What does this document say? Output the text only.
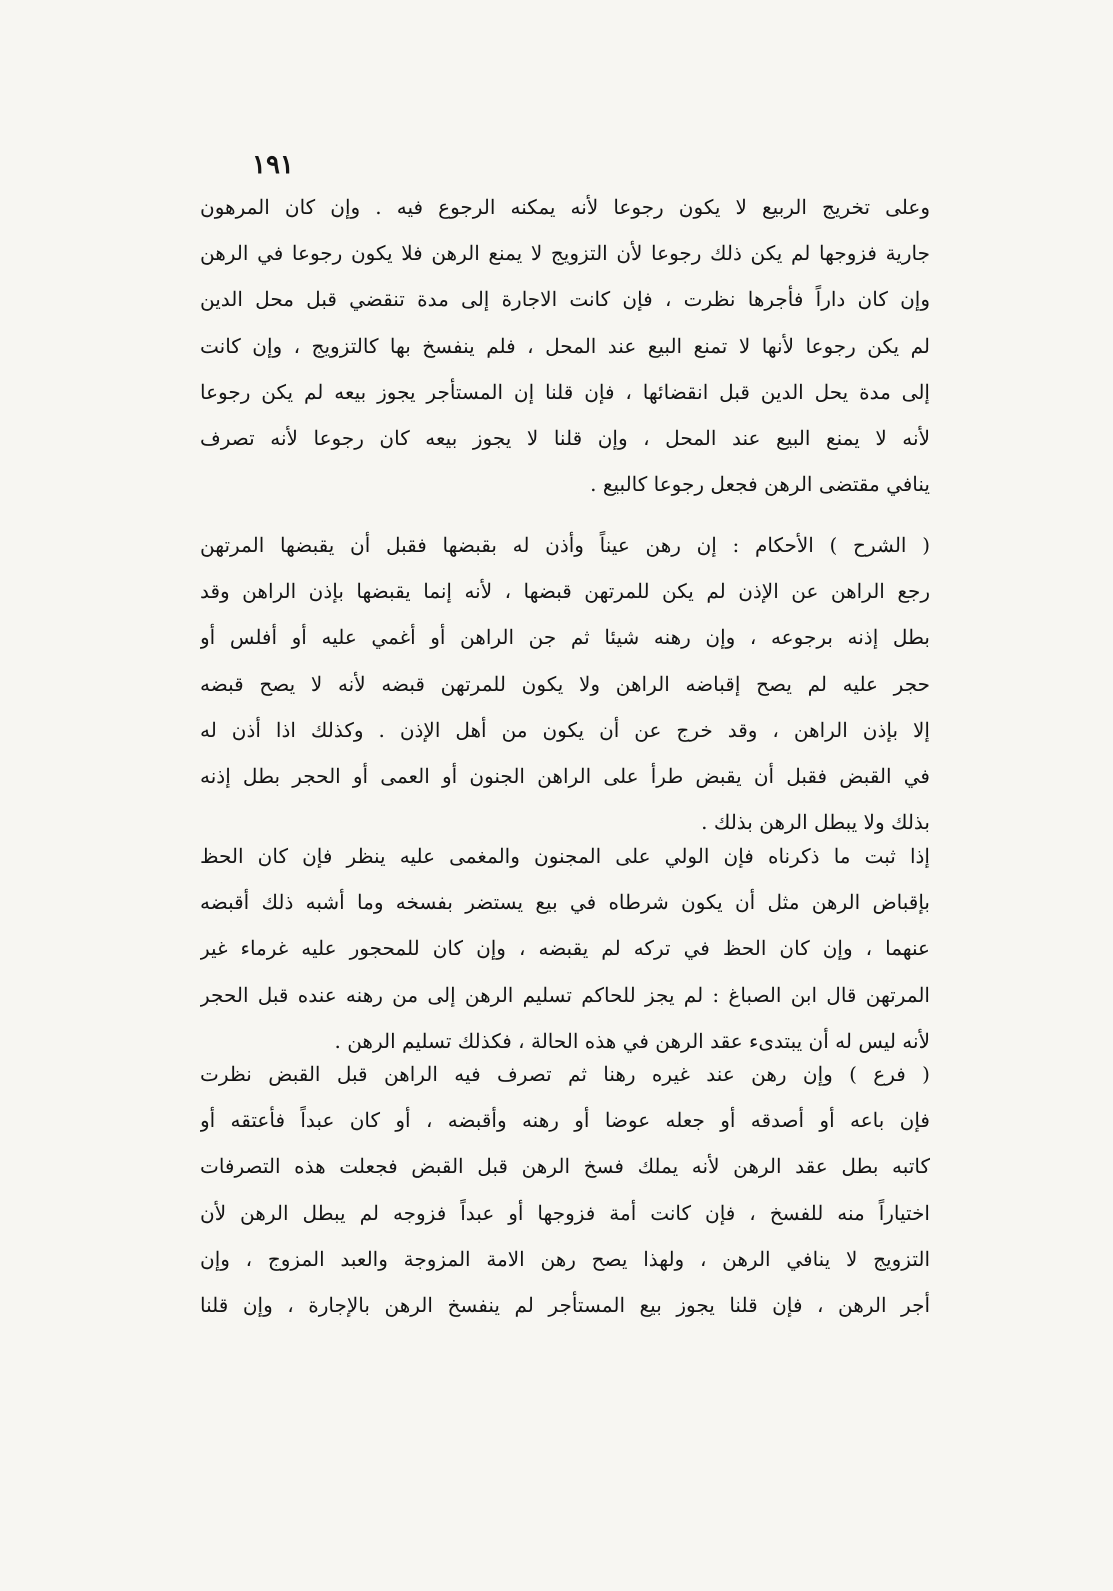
١٩١
وعلى تخريج الربيع لا يكون رجوعا لأنه يمكنه الرجوع فيه . وإن كان المرهون
جارية فزوجها لم يكن ذلك رجوعا لأن التزويج لا يمنع الرهن فلا يكون رجوعا في الرهن
وإن كان داراً فأجرها نظرت ، فإن كانت الاجارة إلى مدة تنقضي قبل محل الدين
لم يكن رجوعا لأنها لا تمنع البيع عند المحل ، فلم ينفسخ بها كالتزويج ، وإن كانت
إلى مدة يحل الدين قبل انقضائها ، فإن قلنا إن المستأجر يجوز بيعه لم يكن رجوعا
لأنه لا يمنع البيع عند المحل ، وإن قلنا لا يجوز بيعه كان رجوعا لأنه تصرف
ينافي مقتضى الرهن فجعل رجوعا كالبيع .
( الشرح ) الأحكام : إن رهن عيناً وأذن له بقبضها فقبل أن يقبضها المرتهن
رجع الراهن عن الإذن لم يكن للمرتهن قبضها ، لأنه إنما يقبضها بإذن الراهن وقد
بطل إذنه برجوعه ، وإن رهنه شيئا ثم جن الراهن أو أغمي عليه أو أفلس أو
حجر عليه لم يصح إقباضه الراهن ولا يكون للمرتهن قبضه لأنه لا يصح قبضه
إلا بإذن الراهن ، وقد خرج عن أن يكون من أهل الإذن . وكذلك اذا أذن له
في القبض فقبل أن يقبض طرأ على الراهن الجنون أو العمى أو الحجر بطل إذنه
بذلك ولا يبطل الرهن بذلك .
إذا ثبت ما ذكرناه فإن الولي على المجنون والمغمى عليه ينظر فإن كان الحظ
بإقباض الرهن مثل أن يكون شرطاه في بيع يستضر بفسخه وما أشبه ذلك أقبضه
عنهما ، وإن كان الحظ في تركه لم يقبضه ، وإن كان للمحجور عليه غرماء غير
المرتهن قال ابن الصباغ : لم يجز للحاكم تسليم الرهن إلى من رهنه عنده قبل الحجر
لأنه ليس له أن يبتدىء عقد الرهن في هذه الحالة ، فكذلك تسليم الرهن .
( فرع ) وإن رهن عند غيره رهنا ثم تصرف فيه الراهن قبل القبض نظرت
فإن باعه أو أصدقه أو جعله عوضا أو رهنه وأقبضه ، أو كان عبداً فأعتقه أو
كاتبه بطل عقد الرهن لأنه يملك فسخ الرهن قبل القبض فجعلت هذه التصرفات
اختياراً منه للفسخ ، فإن كانت أمة فزوجها أو عبداً فزوجه لم يبطل الرهن لأن
التزويج لا ينافي الرهن ، ولهذا يصح رهن الامة المزوجة والعبد المزوج ، وإن
أجر الرهن ، فإن قلنا يجوز بيع المستأجر لم ينفسخ الرهن بالإجارة ، وإن قلنا
